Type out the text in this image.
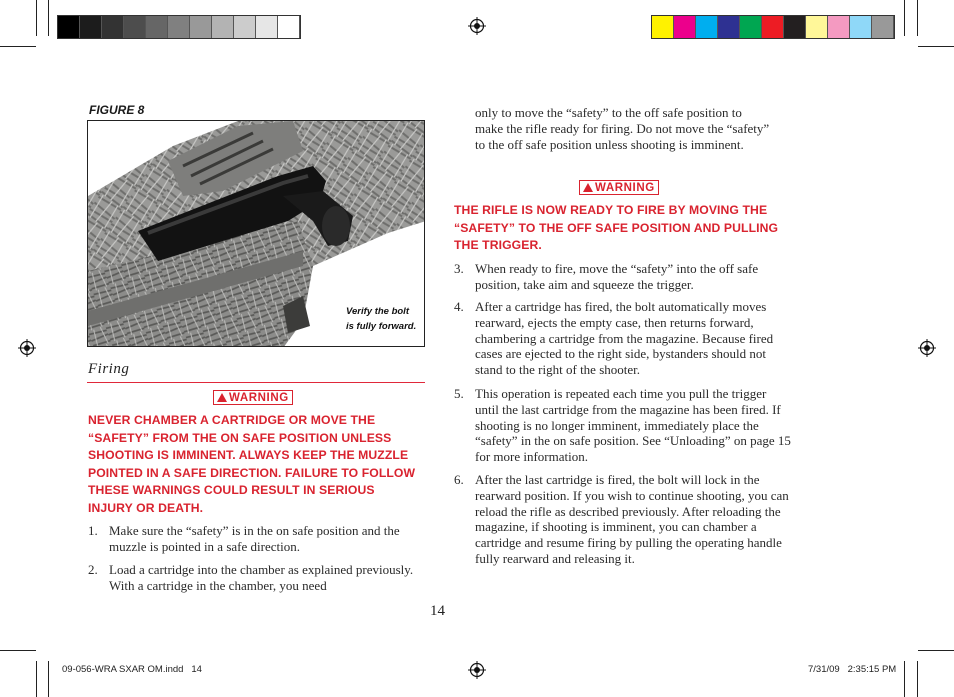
FIGURE 8
Verify the bolt is fully forward.
Firing
WARNING
NEVER CHAMBER A CARTRIDGE OR MOVE THE “SAFETY” FROM THE ON SAFE POSITION UNLESS SHOOTING IS IMMINENT. ALWAYS KEEP THE MUZZLE POINTED IN A SAFE DIRECTION. FAILURE TO FOLLOW THESE WARNINGS COULD RESULT IN SERIOUS INJURY OR DEATH.
1. Make sure the “safety” is in the on safe position and the muzzle is pointed in a safe direction.
2. Load a cartridge into the chamber as explained previously. With a cartridge in the chamber, you need
only to move the “safety” to the off safe position to make the rifle ready for firing. Do not move the “safety” to the off safe position unless shooting is imminent.
WARNING
THE RIFLE IS NOW READY TO FIRE BY MOVING THE “SAFETY” TO THE OFF SAFE POSITION AND PULLING THE TRIGGER.
3. When ready to fire, move the “safety” into the off safe position, take aim and squeeze the trigger.
4. After a cartridge has fired, the bolt automatically moves rearward, ejects the empty case, then returns forward, chambering a cartridge from the magazine. Because fired cases are ejected to the right side, bystanders should not stand to the right of the shooter.
5. This operation is repeated each time you pull the trigger until the last cartridge from the magazine has been fired. If shooting is no longer imminent, immediately place the “safety” in the on safe position. See “Unloading” on page 15 for more information.
6. After the last cartridge is fired, the bolt will lock in the rearward position. If you wish to continue shooting, you can reload the rifle as described previously. After reloading the magazine, if shooting is imminent, you can chamber a cartridge and resume firing by pulling the operating handle fully rearward and releasing it.
14
09-056-WRA SXAR OM.indd   14	7/31/09   2:35:15 PM
